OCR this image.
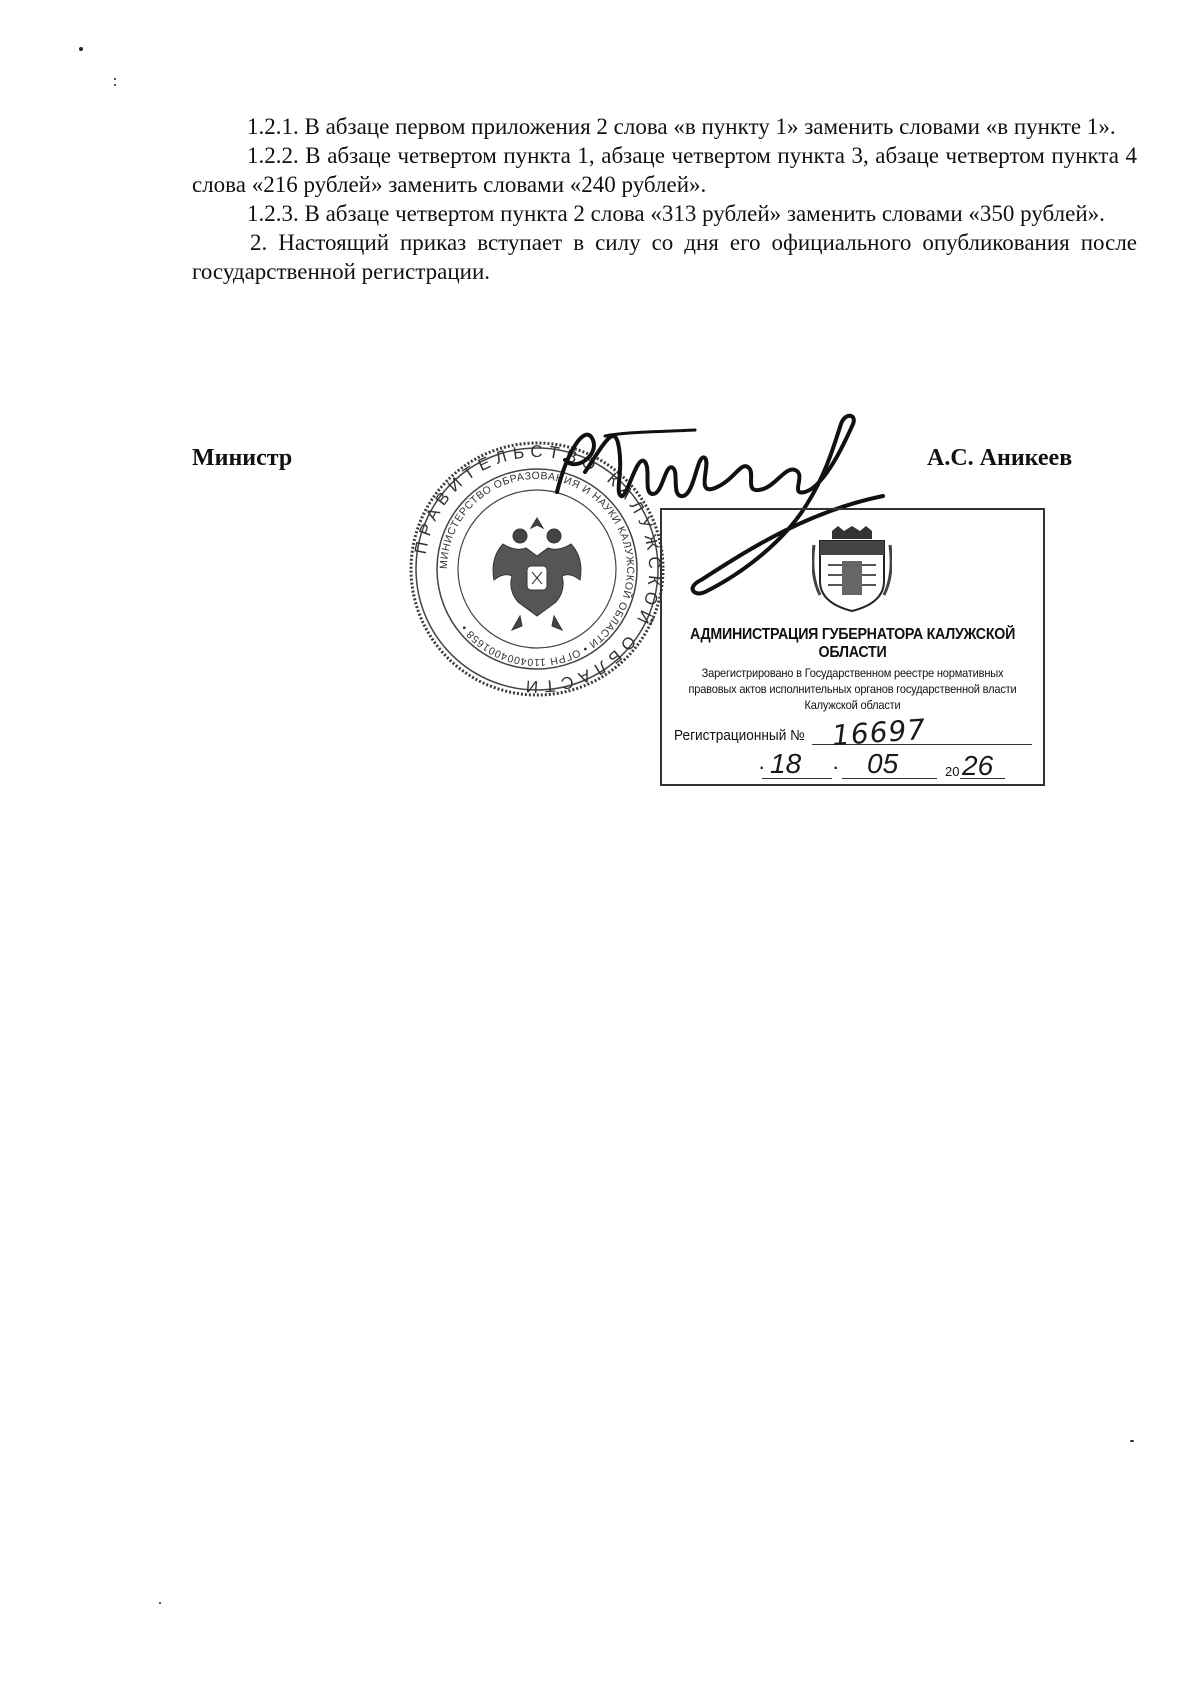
1.2.1. В абзаце первом приложения 2 слова «в пункту 1» заменить словами «в пункте 1».

1.2.2. В абзаце четвертом пункта 1, абзаце четвертом пункта 3, абзаце четвертом пункта 4 слова «216 рублей» заменить словами «240 рублей».

1.2.3. В абзаце четвертом пункта 2 слова «313 рублей» заменить словами «350 рублей».

2. Настоящий приказ вступает в силу со дня его официального опубликования после государственной регистрации.

Министр	А.С. Аникеев
ПРАВИТЕЛЬСТВО КАЛУЖСКОЙ ОБЛАСТИ
МИНИСТЕРСТВО ОБРАЗОВАНИЯ И НАУКИ КАЛУЖСКОЙ ОБЛАСТИ • ОГРН 1104004001658 •	АДМИНИСТРАЦИЯ ГУБЕРНАТОРА КАЛУЖСКОЙ ОБЛАСТИ
Зарегистрировано в Государственном реестре нормативных
правовых актов исполнительных органов государственной власти
Калужской области
Регистрационный № 16697
· 18 · 05	20 26
